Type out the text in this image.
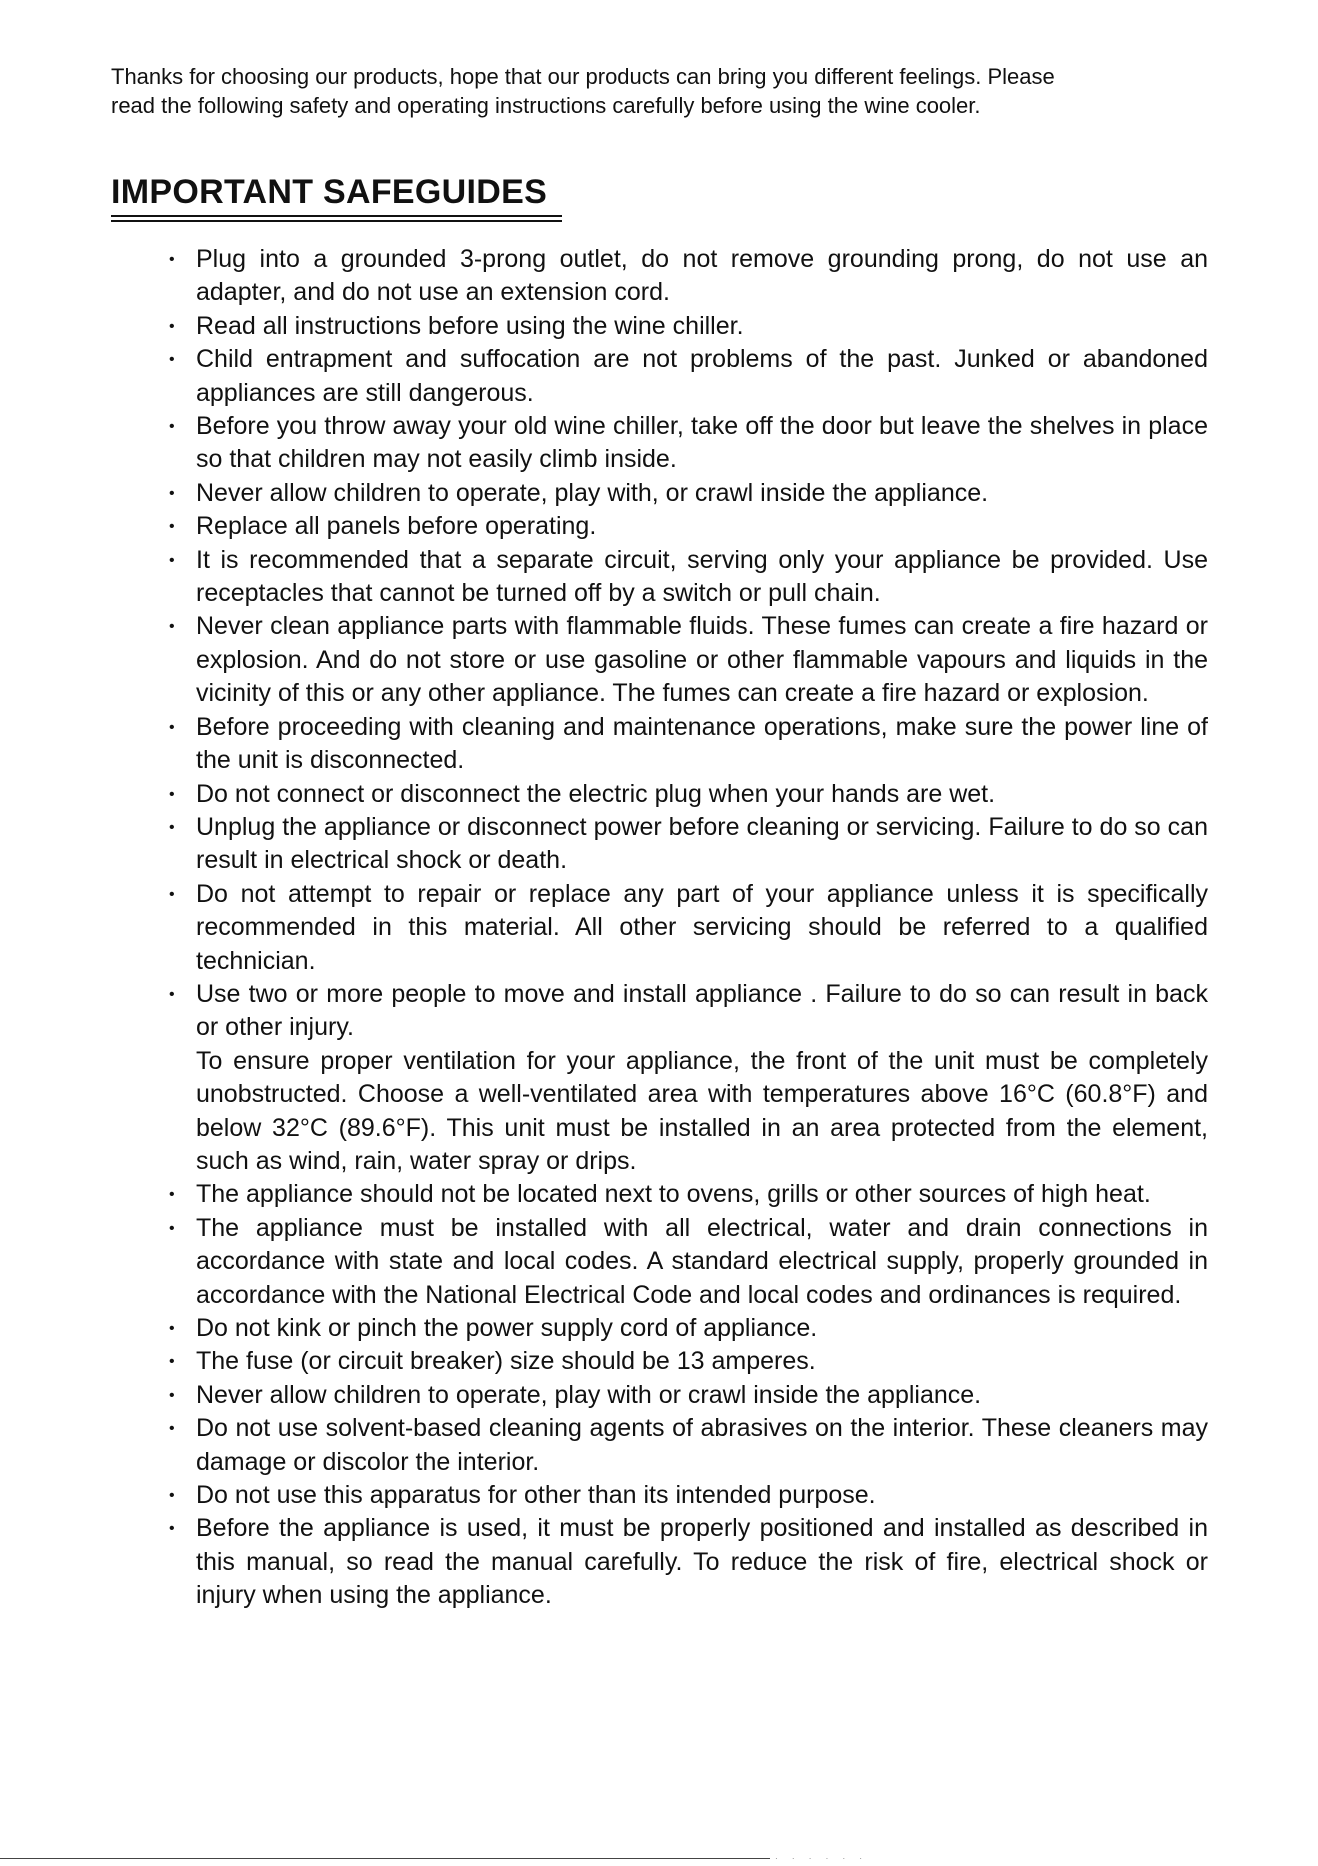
Thanks for choosing our products, hope that our products can bring you different feelings. Please
read the following safety and operating instructions carefully before using the wine cooler.
IMPORTANT SAFEGUIDES
• Plug into a grounded 3-prong outlet, do not remove grounding prong, do not use an adapter, and do not use an extension cord.
• Read all instructions before using the wine chiller.
• Child entrapment and suffocation are not problems of the past. Junked or abandoned appliances are still dangerous.
• Before you throw away your old wine chiller, take off the door but leave the shelves in place so that children may not easily climb inside.
• Never allow children to operate, play with, or crawl inside the appliance.
• Replace all panels before operating.
• It is recommended that a separate circuit, serving only your appliance be provided. Use receptacles that cannot be turned off by a switch or pull chain.
• Never clean appliance parts with flammable fluids. These fumes can create a fire hazard or explosion. And do not store or use gasoline or other flammable vapours and liquids in the vicinity of this or any other appliance. The fumes can create a fire hazard or explosion.
• Before proceeding with cleaning and maintenance operations, make sure the power line of the unit is disconnected.
• Do not connect or disconnect the electric plug when your hands are wet.
• Unplug the appliance or disconnect power before cleaning or servicing. Failure to do so can result in electrical shock or death.
• Do not attempt to repair or replace any part of your appliance unless it is specifically recommended in this material. All other servicing should be referred to a qualified technician.
• Use two or more people to move and install appliance . Failure to do so can result in back or other injury.
To ensure proper ventilation for your appliance, the front of the unit must be completely unobstructed. Choose a well-ventilated area with temperatures above 16°C (60.8°F) and below 32°C (89.6°F). This unit must be installed in an area protected from the element, such as wind, rain, water spray or drips.
• The appliance should not be located next to ovens, grills or other sources of high heat.
• The appliance must be installed with all electrical, water and drain connections in accordance with state and local codes. A standard electrical supply, properly grounded in accordance with the National Electrical Code and local codes and ordinances is required.
• Do not kink or pinch the power supply cord of appliance.
• The fuse (or circuit breaker) size should be 13 amperes.
• Never allow children to operate, play with or crawl inside the appliance.
• Do not use solvent-based cleaning agents of abrasives on the interior. These cleaners may damage or discolor the interior.
• Do not use this apparatus for other than its intended purpose.
• Before the appliance is used, it must be properly positioned and installed as described in this manual, so read the manual carefully. To reduce the risk of fire, electrical shock or injury when using the appliance.
· · · · · ·
